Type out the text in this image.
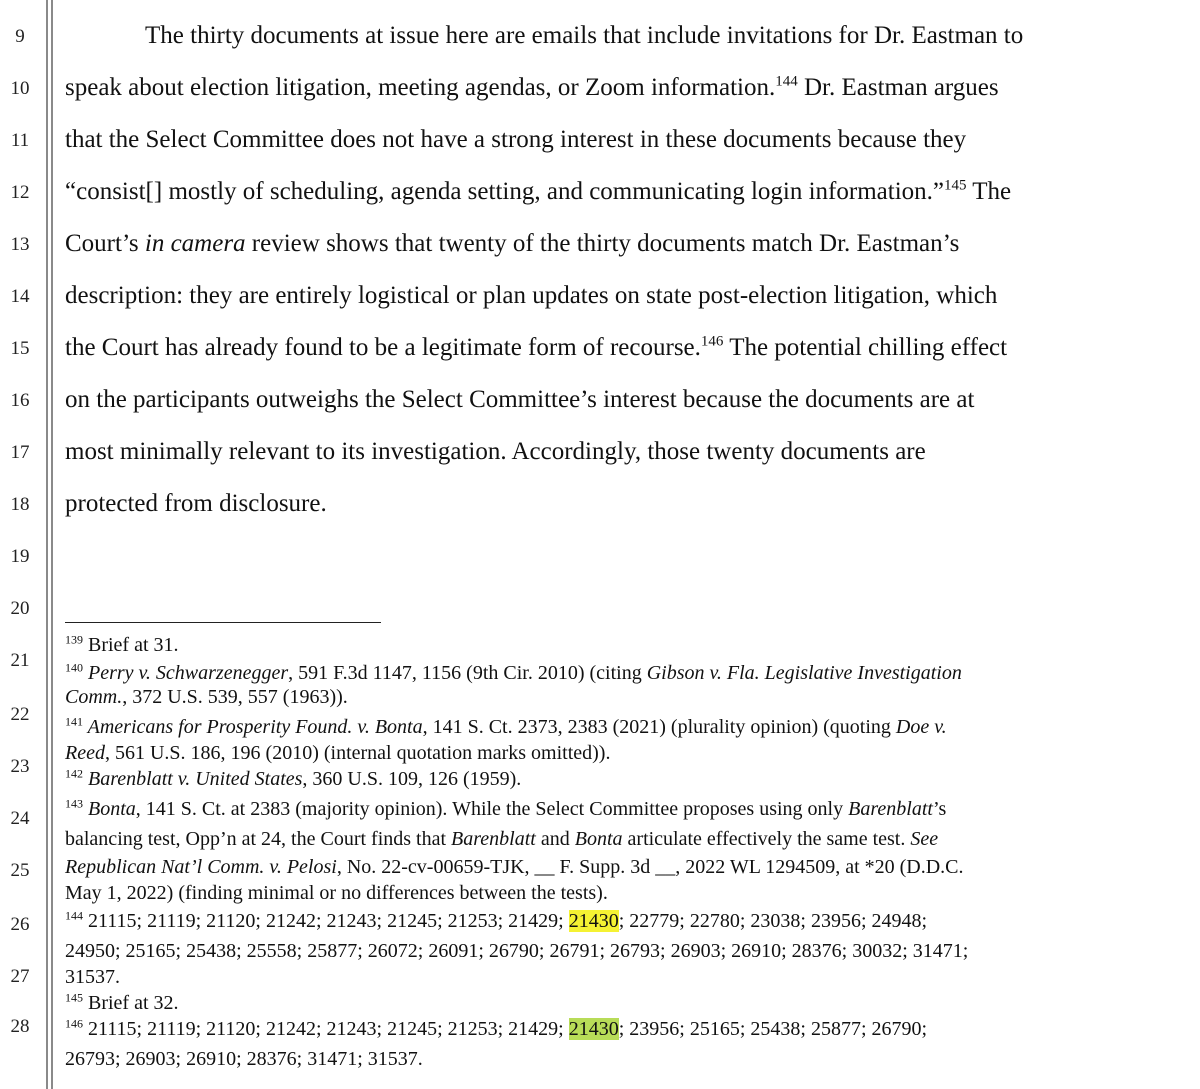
9
10
11
12
13
14
15
16
17
18
19
20
21
22
23
24
25
26
27
28
The thirty documents at issue here are emails that include invitations for Dr. Eastman to
speak about election litigation, meeting agendas, or Zoom information.$^{144}$ Dr. Eastman argues
that the Select Committee does not have a strong interest in these documents because they
“consist[] mostly of scheduling, agenda setting, and communicating login information.”$^{145}$ The
Court’s in camera review shows that twenty of the thirty documents match Dr. Eastman’s
description: they are entirely logistical or plan updates on state post-election litigation, which
the Court has already found to be a legitimate form of recourse.$^{146}$ The potential chilling effect
on the participants outweighs the Select Committee’s interest because the documents are at
most minimally relevant to its investigation. Accordingly, those twenty documents are
protected from disclosure.
$^{139}$ Brief at 31.
$^{140}$ Perry v. Schwarzenegger, 591 F.3d 1147, 1156 (9th Cir. 2010) (citing Gibson v. Fla. Legislative Investigation
Comm., 372 U.S. 539, 557 (1963)).
$^{141}$ Americans for Prosperity Found. v. Bonta, 141 S. Ct. 2373, 2383 (2021) (plurality opinion) (quoting Doe v.
Reed, 561 U.S. 186, 196 (2010) (internal quotation marks omitted)).
$^{142}$ Barenblatt v. United States, 360 U.S. 109, 126 (1959).
$^{143}$ Bonta, 141 S. Ct. at 2383 (majority opinion). While the Select Committee proposes using only Barenblatt’s
balancing test, Opp’n at 24, the Court finds that Barenblatt and Bonta articulate effectively the same test. See
Republican Nat’l Comm. v. Pelosi, No. 22-cv-00659-TJK, __ F. Supp. 3d __, 2022 WL 1294509, at *20 (D.D.C.
May 1, 2022) (finding minimal or no differences between the tests).
$^{144}$ 21115; 21119; 21120; 21242; 21243; 21245; 21253; 21429; 21430; 22779; 22780; 23038; 23956; 24948;
24950; 25165; 25438; 25558; 25877; 26072; 26091; 26790; 26791; 26793; 26903; 26910; 28376; 30032; 31471;
31537.
$^{145}$ Brief at 32.
$^{146}$ 21115; 21119; 21120; 21242; 21243; 21245; 21253; 21429; 21430; 23956; 25165; 25438; 25877; 26790;
26793; 26903; 26910; 28376; 31471; 31537.
